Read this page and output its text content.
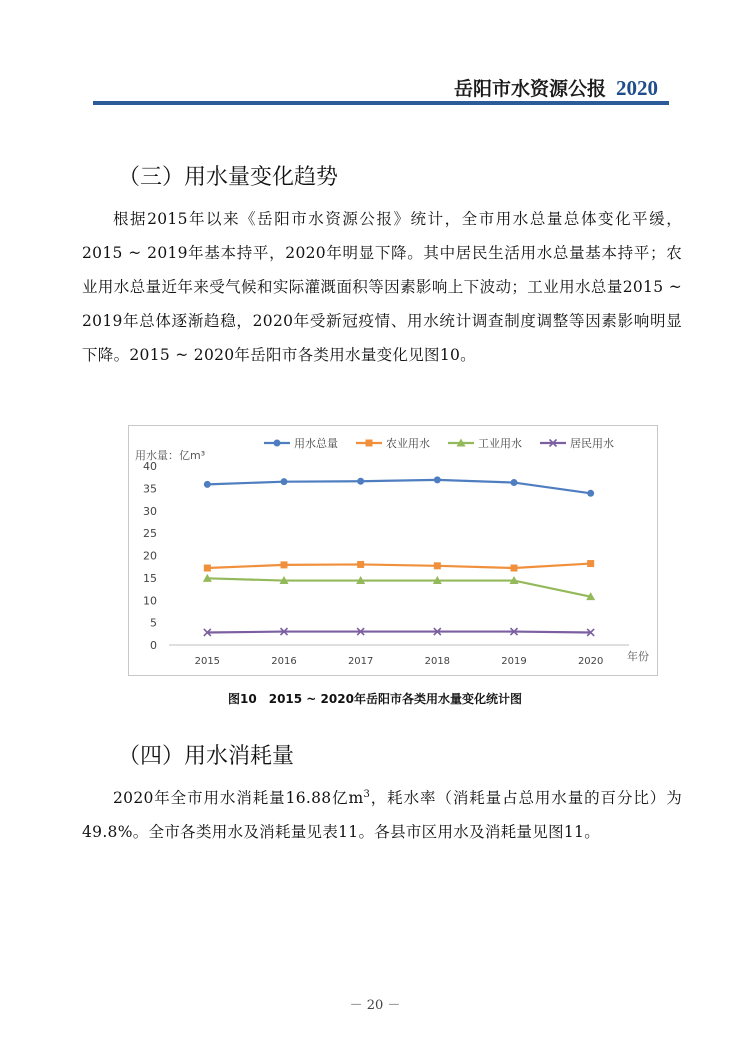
岳阳市水资源公报 2020
（三）用水量变化趋势

根据2015年以来《岳阳市水资源公报》统计，全市用水总量总体变化平缓，2015 ~ 2019年基本持平，2020年明显下降。其中居民生活用水总量基本持平；农业用水总量近年来受气候和实际灌溉面积等因素影响上下波动；工业用水总量2015 ~ 2019年总体逐渐趋稳，2020年受新冠疫情、用水统计调查制度调整等因素影响明显下降。2015 ~ 2020年岳阳市各类用水量变化见图10。

用水量：亿m³
年份
0
5
10
15
20
25
30
35
40
2015	2016	2017	2018	2019	2020
用水总量	农业用水	工业用水	居民用水
图10　2015 ~ 2020年岳阳市各类用水量变化统计图
（四）用水消耗量

2020年全市用水消耗量16.88亿$m^3$，耗水率（消耗量占总用水量的百分比）为49.8%。全市各类用水及消耗量见表11。各县市区用水及消耗量见图11。

－ 20 －
